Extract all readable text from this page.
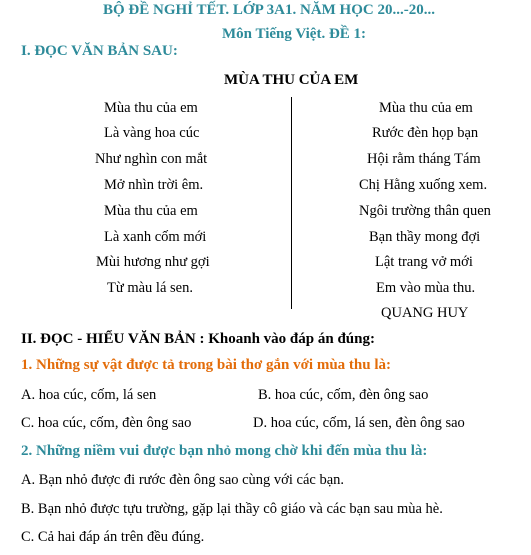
BỘ ĐỀ NGHỈ TẾT. LỚP 3A1. NĂM HỌC 20...-20...
Môn Tiếng Việt. ĐỀ 1:
I. ĐỌC VĂN BẢN SAU:
MÙA THU CỦA EM
Mùa thu của em
Là vàng hoa cúc
Như nghìn con mắt
Mở nhìn trời êm.
Mùa thu của em
Là xanh cốm mới
Mùi hương như gợi
Từ màu lá sen.
Mùa thu của em
Rước đèn họp bạn
Hội rằm tháng Tám
Chị Hằng xuống xem.
Ngôi trường thân quen
Bạn thầy mong đợi
Lật trang vở mới
Em vào mùa thu.
QUANG HUY
II. ĐỌC - HIỂU VĂN BẢN : Khoanh vào đáp án đúng:
1. Những sự vật được tả trong bài thơ gắn với mùa thu là:
A. hoa cúc, cốm, lá sen	B. hoa cúc, cốm, đèn ông sao
C. hoa cúc, cốm, đèn ông sao	D. hoa cúc, cốm, lá sen, đèn ông sao
2. Những niềm vui được bạn nhỏ mong chờ khi đến mùa thu là:
A. Bạn nhỏ được đi rước đèn ông sao cùng với các bạn.
B. Bạn nhỏ được tựu trường, gặp lại thầy cô giáo và các bạn sau mùa hè.
C. Cả hai đáp án trên đều đúng.
